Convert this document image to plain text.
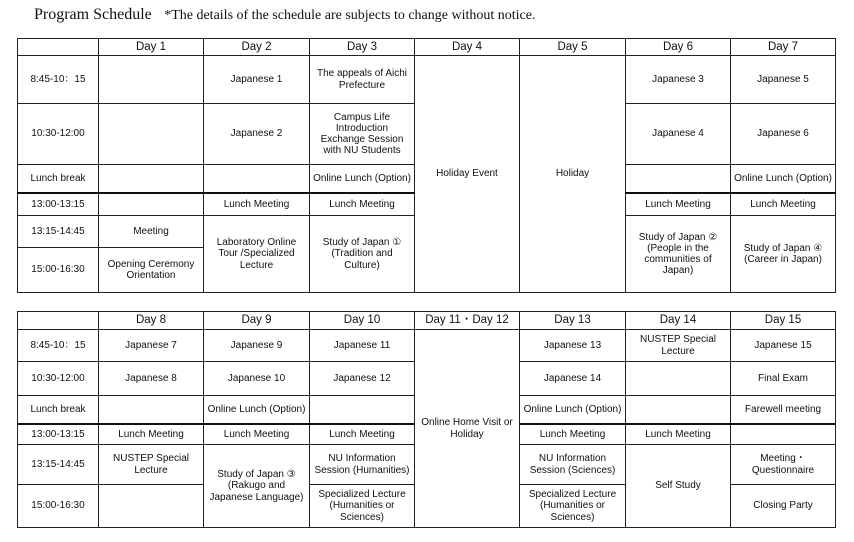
Program Schedule *The details of the schedule are subjects to change without notice.
	Day 1	Day 2	Day 3	Day 4	Day 5	Day 6	Day 7
8:45-10：15		Japanese 1	The appeals of Aichi Prefecture	Holiday Event	Holiday	Japanese 3	Japanese 5
10:30-12:00		Japanese 2	Campus Life Introduction Exchange Session with NU Students			Japanese 4	Japanese 6
Lunch break			Online Lunch (Option)				Online Lunch (Option)
13:00-13:15		Lunch Meeting	Lunch Meeting			Lunch Meeting	Lunch Meeting
13:15-14:45	Meeting	Laboratory Online Tour /Specialized Lecture	Study of Japan ① (Tradition and Culture)			Study of Japan ② (People in the communities of Japan)	Study of Japan ④ (Career in Japan)
15:00-16:30	Opening Ceremony Orientation						
	Day 8	Day 9	Day 10	Day 11・Day 12	Day 13	Day 14	Day 15
8:45-10：15	Japanese 7	Japanese 9	Japanese 11	Online Home Visit or Holiday	Japanese 13	NUSTEP Special Lecture	Japanese 15
10:30-12:00	Japanese 8	Japanese 10	Japanese 12		Japanese 14		Final Exam
Lunch break		Online Lunch (Option)			Online Lunch (Option)		Farewell meeting
13:00-13:15	Lunch Meeting	Lunch Meeting	Lunch Meeting		Lunch Meeting	Lunch Meeting	
13:15-14:45	NUSTEP Special Lecture	Study of Japan ③ (Rakugo and Japanese Language)	NU Information Session (Humanities)		NU Information Session (Sciences)	Self Study	Meeting・Questionnaire
15:00-16:30			Specialized Lecture (Humanities or Sciences)		Specialized Lecture (Humanities or Sciences)		Closing Party
